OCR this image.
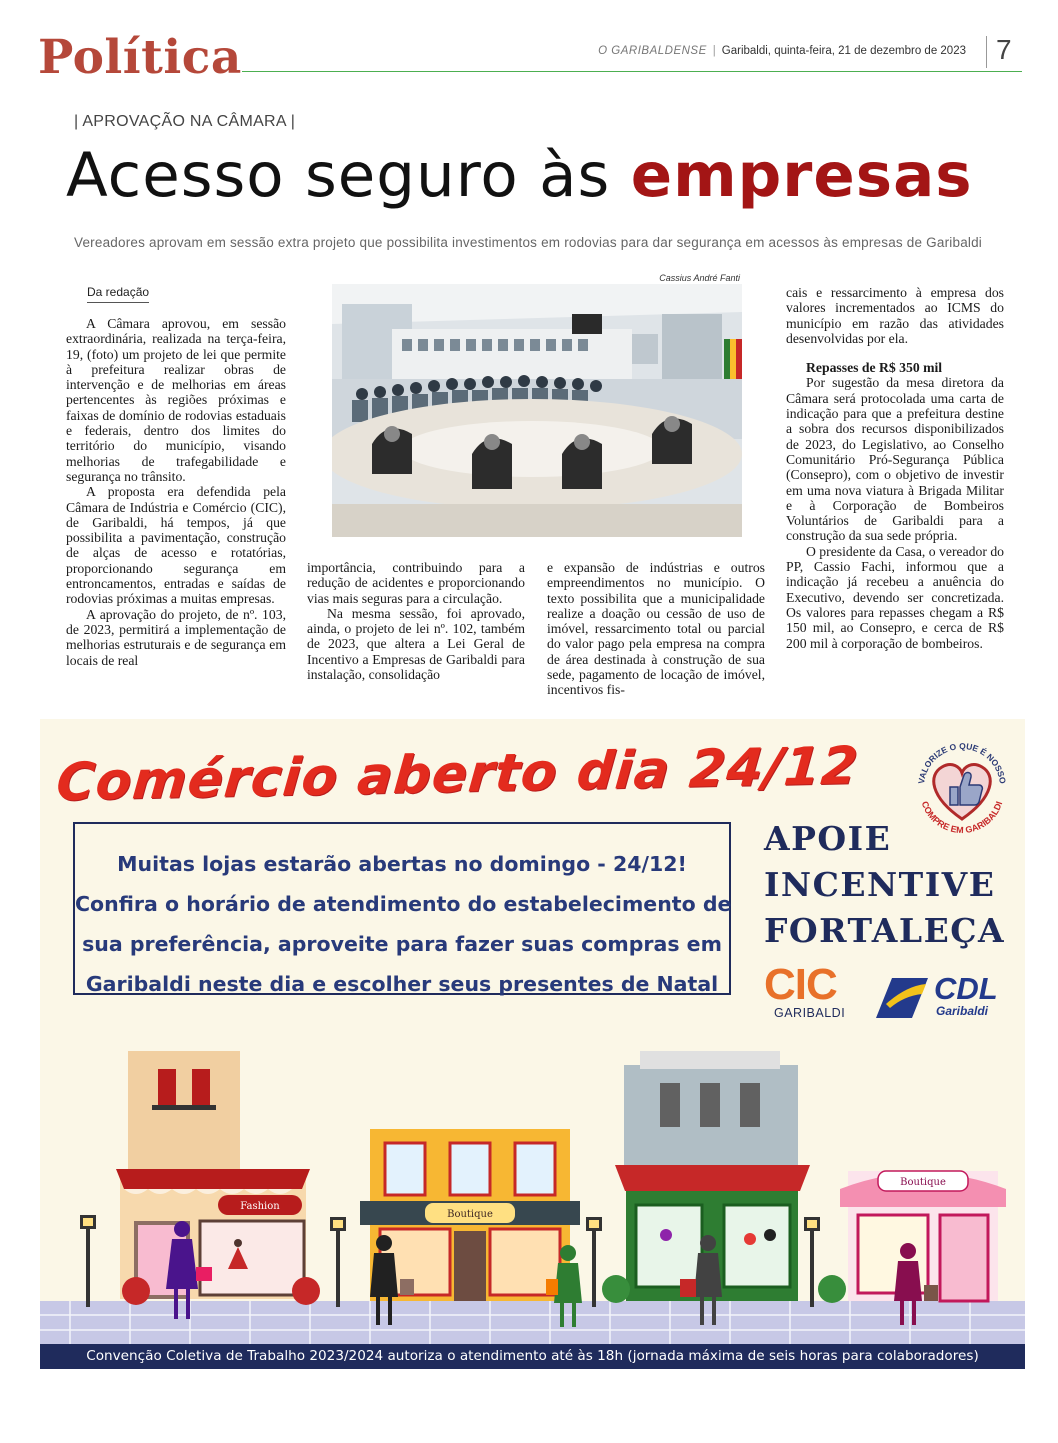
Política	O GARIBALDENSE | Garibaldi, quinta-feira, 21 de dezembro de 2023 7
| APROVAÇÃO NA CÂMARA |
Acesso seguro às empresas
Vereadores aprovam em sessão extra projeto que possibilita investimentos em rodovias para dar segurança em acessos às empresas de Garibaldi
Da redação

A Câmara aprovou, em sessão extraordinária, realizada na terça-feira, 19, (foto) um projeto de lei que permite à prefeitura realizar obras de intervenção e de melhorias em áreas pertencentes às regiões próximas e faixas de domínio de rodovias estaduais e federais, dentro dos limites do território do município, visando melhorias de trafegabilidade e segurança no trânsito.

A proposta era defendida pela Câmara de Indústria e Comércio (CIC), de Garibaldi, há tempos, já que possibilita a pavimentação, construção de alças de acesso e rotatórias, proporcionando segurança em entroncamentos, entradas e saídas de rodovias próximas a muitas empresas.

A aprovação do projeto, de nº. 103, de 2023, permitirá a implementação de melhorias estruturais e de segurança em locais de real

Cassius André Fanti

importância, contribuindo para a redução de acidentes e proporcionando vias mais seguras para a circulação.

Na mesma sessão, foi aprovado, ainda, o projeto de lei nº. 102, também de 2023, que altera a Lei Geral de Incentivo a Empresas de Garibaldi para instalação, consolidação

e expansão de indústrias e outros empreendimentos no município. O texto possibilita que a municipalidade realize a doação ou cessão de uso de imóvel, ressarcimento total ou parcial do valor pago pela empresa na compra de área destinada à construção de sua sede, pagamento de locação de imóvel, incentivos fis-

cais e ressarcimento à empresa dos valores incrementados ao ICMS do município em razão das atividades desenvolvidas por ela.

Repasses de R$ 350 mil

Por sugestão da mesa diretora da Câmara será protocolada uma carta de indicação para que a prefeitura destine a sobra dos recursos disponibilizados de 2023, do Legislativo, ao Conselho Comunitário Pró-Segurança Pública (Consepro), com o objetivo de investir em uma nova viatura à Brigada Militar e à Corporação de Bombeiros Voluntários de Garibaldi para a construção da sua sede própria.

O presidente da Casa, o vereador do PP, Cassio Fachi, informou que a indicação já recebeu a anuência do Executivo, devendo ser concretizada. Os valores para repasses chegam a R$ 150 mil, ao Consepro, e cerca de R$ 200 mil à corporação de bombeiros.

Comércio aberto dia 24/12
Muitas lojas estarão abertas no domingo - 24/12!
Confira o horário de atendimento do estabelecimento de
sua preferência, aproveite para fazer suas compras em
Garibaldi neste dia e escolher seus presentes de Natal
VALORIZE O QUE É NOSSO
COMPRE EM GARIBALDI
APOIE
INCENTIVE
FORTALEÇA
CIC
GARIBALDI
CDL
Garibaldi
Fashion
Boutique
Boutique
Convenção Coletiva de Trabalho 2023/2024 autoriza o atendimento até às 18h (jornada máxima de seis horas para colaboradores)
